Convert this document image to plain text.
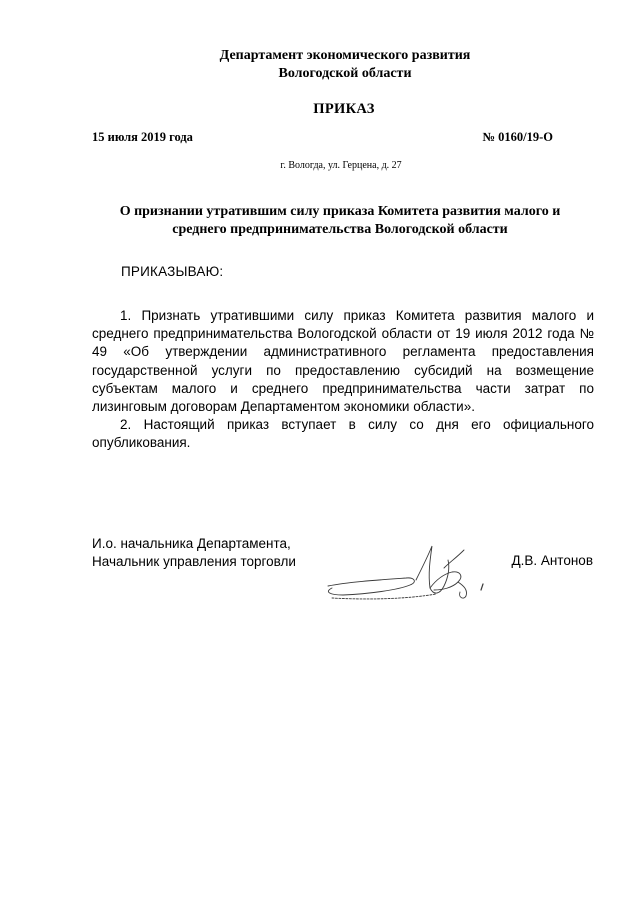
Департамент экономического развития
Вологодской области
ПРИКАЗ
15 июля 2019 года	№ 0160/19-О
г. Вологда, ул. Герцена, д. 27
О признании утратившим силу приказа Комитета развития малого и
среднего предпринимательства Вологодской области
ПРИКАЗЫВАЮ:

1. Признать утратившими силу приказ Комитета развития малого и среднего предпринимательства Вологодской области от 19 июля 2012 года № 49 «Об утверждении административного регламента предоставления государственной услуги по предоставлению субсидий на возмещение субъектам малого и среднего предпринимательства части затрат по лизинговым договорам Департаментом экономики области».

2. Настоящий приказ вступает в силу со дня его официального опубликования.

И.о. начальника Департамента,
Начальник управления торговли	Д.В. Антонов
